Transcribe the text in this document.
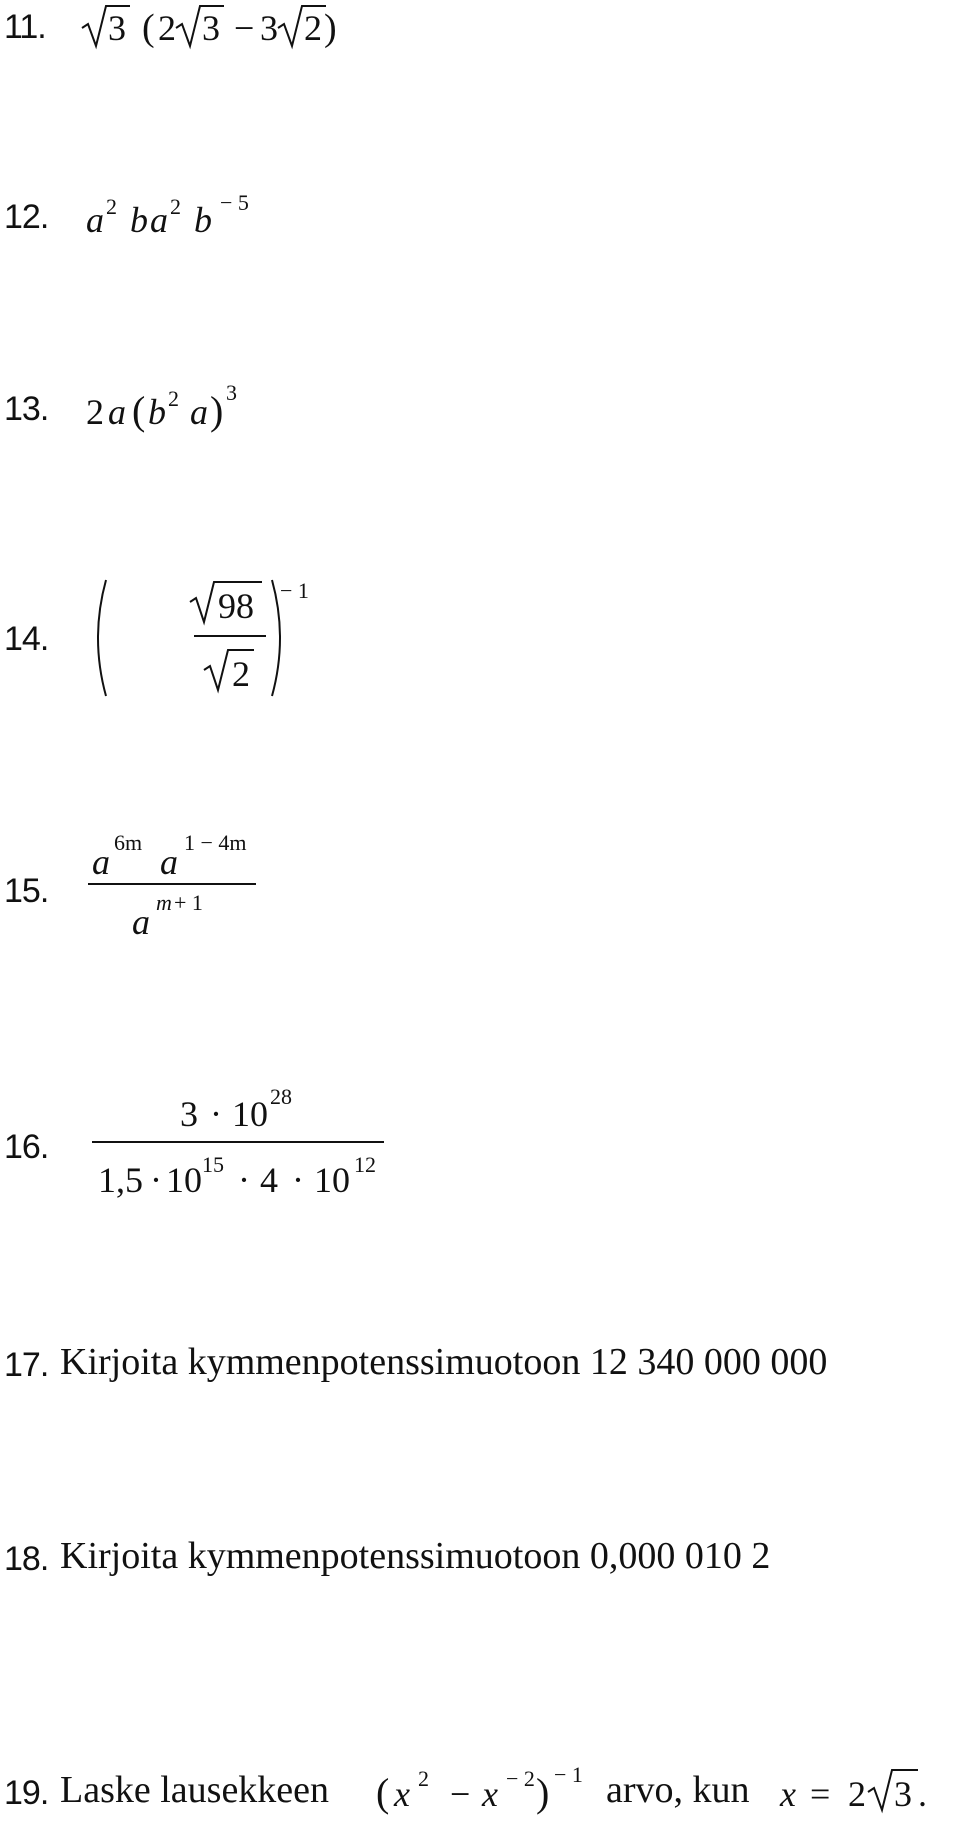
11. 3 ( 2 3 − 3 2 )
12. a 2 b a 2 b − 5
13. 2 a ( b 2 a ) 3
14.
98
2
− 1
15.
a 6m a 1 − 4m
a m + 1
16.
3 · 10 28
1,5 · 10 15 · 4 · 10 12
17. Kirjoita kymmenpotenssimuotoon 12 340 000 000
18. Kirjoita kymmenpotenssimuotoon 0,000 010 2
19. Laske lausekkeen ( x 2 − x − 2 ) − 1 arvo, kun x = 2 3 .
